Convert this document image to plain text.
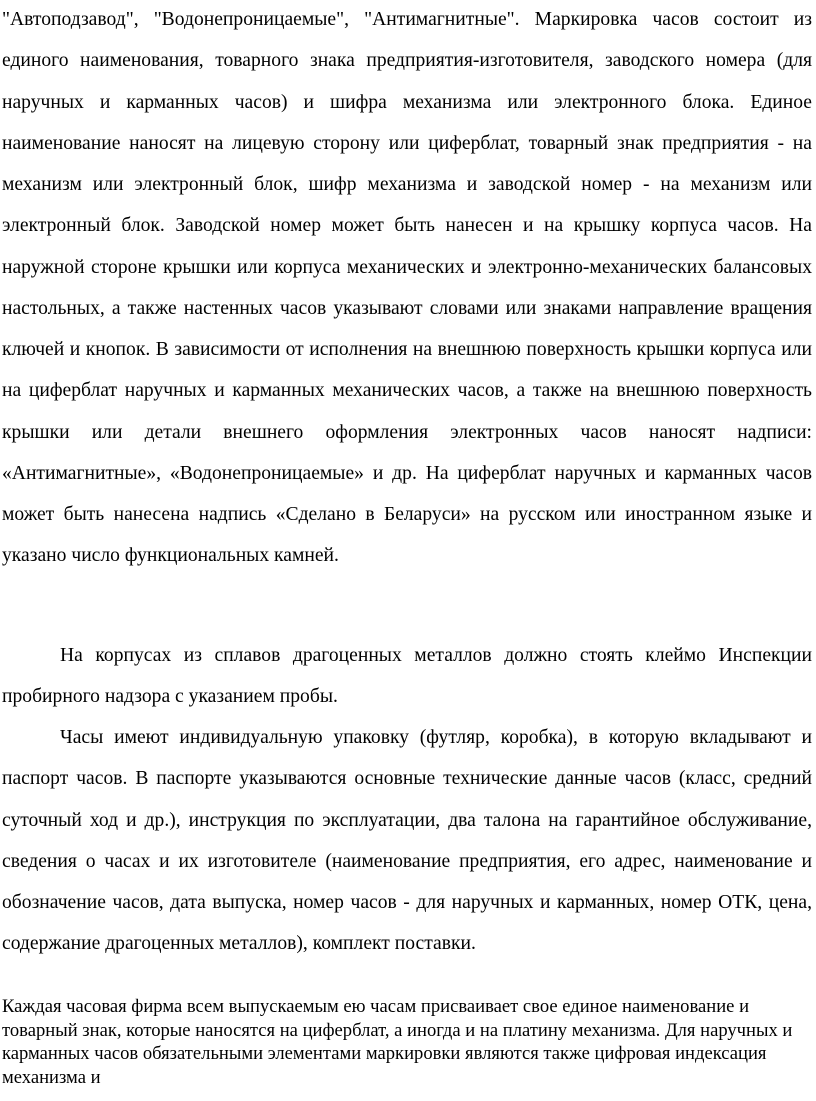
"Автоподзавод", "Водонепроницаемые", "Антимагнитные". Маркировка часов состоит из единого наименования, товарного знака предприятия-изготовителя, заводского номера (для наручных и карманных часов) и шифра механизма или электронного блока. Единое наименование наносят на лицевую сторону или циферблат, товарный знак предприятия - на механизм или электронный блок, шифр механизма и заводской номер - на механизм или электронный блок. Заводской номер может быть нанесен и на крышку корпуса часов. На наружной стороне крышки или корпуса механических и электронно-механических балансовых настольных, а также настенных часов указывают словами или знаками направление вращения ключей и кнопок. В зависимости от исполнения на внешнюю поверхность крышки корпуса или на циферблат наручных и карманных механических часов, а также на внешнюю поверхность крышки или детали внешнего оформления электронных часов наносят надписи: «Антимагнитные», «Водонепроницаемые» и др. На циферблат наручных и карманных часов может быть нанесена надпись «Сделано в Беларуси» на русском или иностранном языке и указано число функциональных камней.

На корпусах из сплавов драгоценных металлов должно стоять клеймо Инспекции пробирного надзора с указанием пробы.

Часы имеют индивидуальную упаковку (футляр, коробка), в которую вкладывают и паспорт часов. В паспорте указываются основные технические данные часов (класс, средний суточный ход и др.), инструкция по эксплуатации, два талона на гарантийное обслуживание, сведения о часах и их изготовителе (наименование предприятия, его адрес, наименование и обозначение часов, дата выпуска, номер часов - для наручных и карманных, номер ОТК, цена, содержание драгоценных металлов), комплект поставки.

Каждая часовая фирма всем выпускаемым ею часам присваивает свое единое наименование и товарный знак, которые наносятся на циферблат, а иногда и на платину механизма. Для наручных и карманных часов обязательными элементами маркировки являются также цифровая индексация механизма и
